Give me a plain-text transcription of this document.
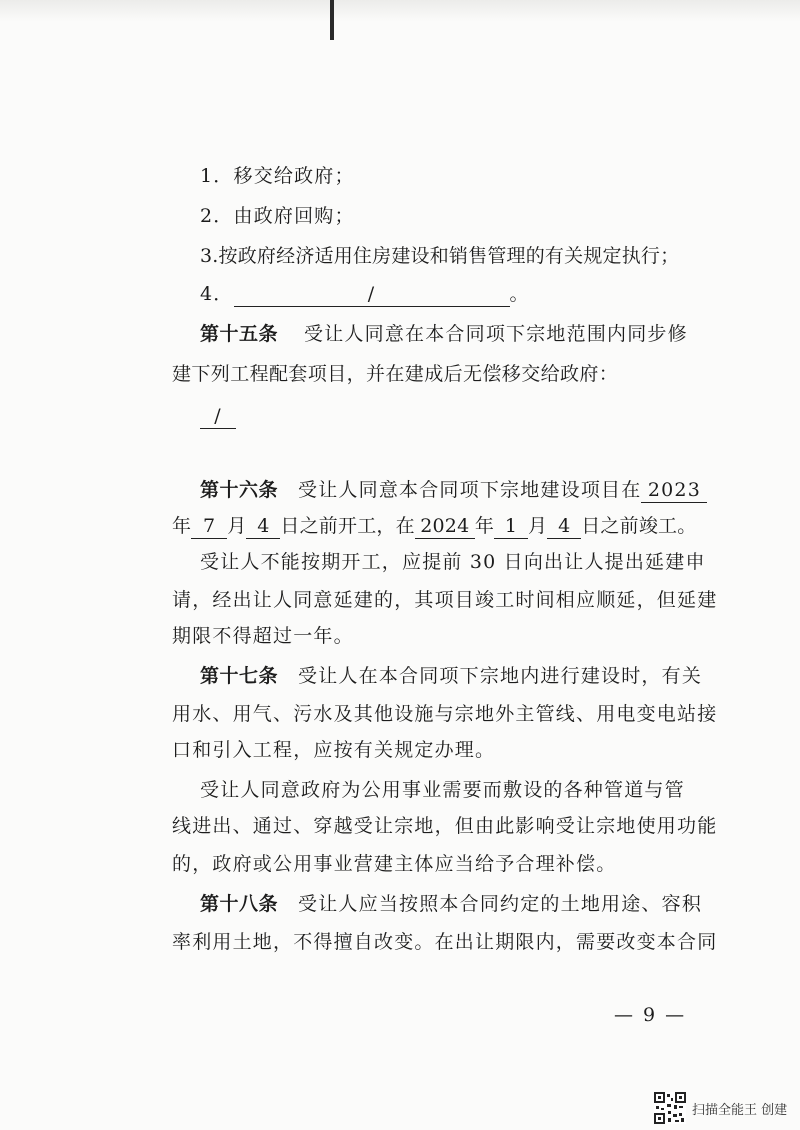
1．移交给政府；
2．由政府回购；
3.按政府经济适用住房建设和销售管理的有关规定执行；
4．	/	。
第十五条 受让人同意在本合同项下宗地范围内同步修
建下列工程配套项目，并在建成后无偿移交给政府：
/
第十六条 受让人同意本合同项下宗地建设项目在 2023
年 7 月 4 日之前开工，在 2024 年 1 月 4 日之前竣工。
受让人不能按期开工，应提前 30 日向出让人提出延建申
请，经出让人同意延建的，其项目竣工时间相应顺延，但延建
期限不得超过一年。
第十七条 受让人在本合同项下宗地内进行建设时，有关
用水、用气、污水及其他设施与宗地外主管线、用电变电站接
口和引入工程，应按有关规定办理。
受让人同意政府为公用事业需要而敷设的各种管道与管
线进出、通过、穿越受让宗地，但由此影响受让宗地使用功能
的，政府或公用事业营建主体应当给予合理补偿。
第十八条 受让人应当按照本合同约定的土地用途、容积
率利用土地，不得擅自改变。在出让期限内，需要改变本合同
— 9 —
扫描全能王 创建
